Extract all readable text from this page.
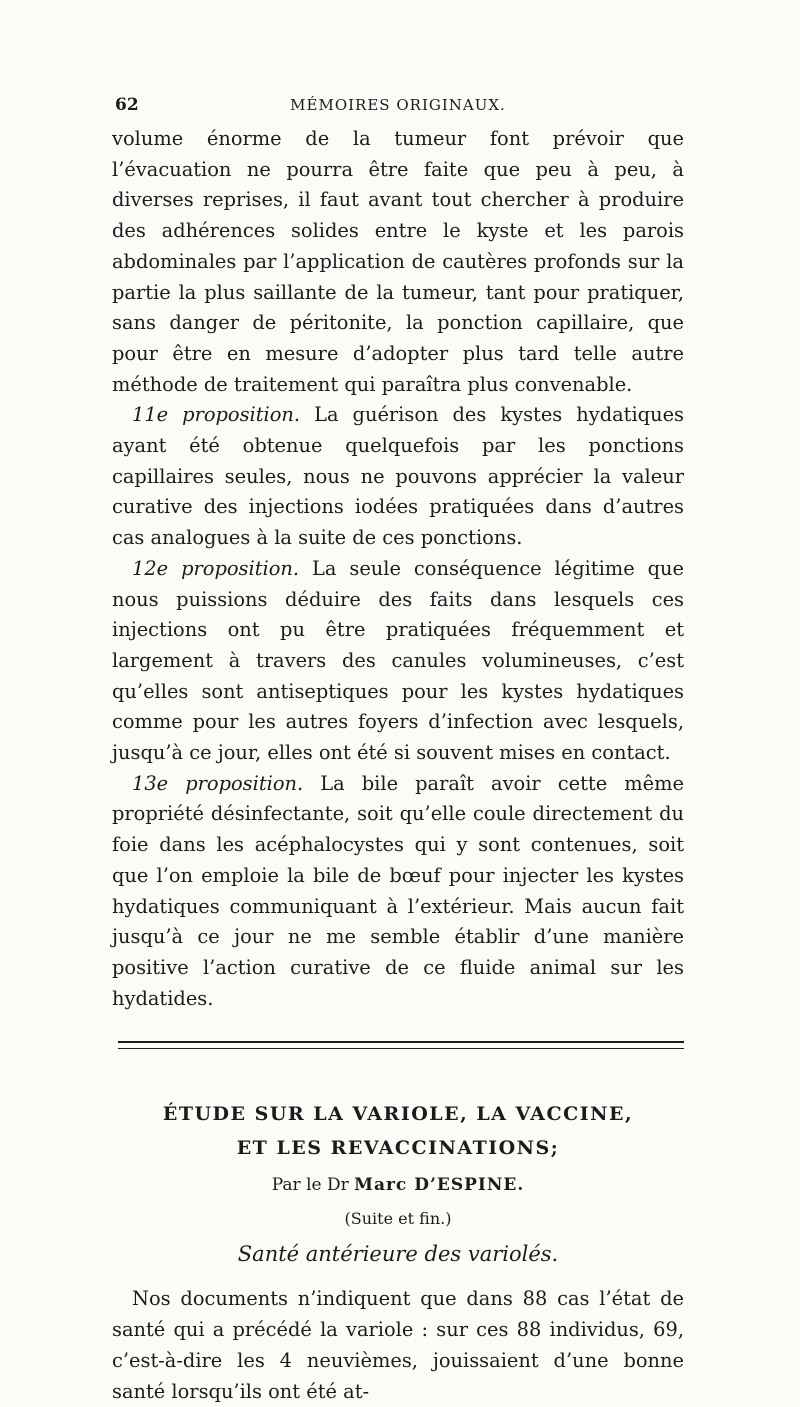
62	MÉMOIRES ORIGINAUX.

volume énorme de la tumeur font prévoir que l’évacuation ne pourra être faite que peu à peu, à diverses reprises, il faut avant tout chercher à produire des adhérences solides entre le kyste et les parois abdominales par l’application de cautères profonds sur la partie la plus saillante de la tumeur, tant pour pratiquer, sans danger de péritonite, la ponction capillaire, que pour être en mesure d’adopter plus tard telle autre méthode de traitement qui paraîtra plus convenable.

11e proposition. La guérison des kystes hydatiques ayant été obtenue quelquefois par les ponctions capillaires seules, nous ne pouvons apprécier la valeur curative des injections iodées pratiquées dans d’autres cas analogues à la suite de ces ponctions.

12e proposition. La seule conséquence légitime que nous puissions déduire des faits dans lesquels ces injections ont pu être pratiquées fréquemment et largement à travers des canules volumineuses, c’est qu’elles sont antiseptiques pour les kystes hydatiques comme pour les autres foyers d’infection avec lesquels, jusqu’à ce jour, elles ont été si souvent mises en contact.

13e proposition. La bile paraît avoir cette même propriété désinfectante, soit qu’elle coule directement du foie dans les acéphalocystes qui y sont contenues, soit que l’on emploie la bile de bœuf pour injecter les kystes hydatiques communiquant à l’extérieur. Mais aucun fait jusqu’à ce jour ne me semble établir d’une manière positive l’action curative de ce fluide animal sur les hydatides.

ÉTUDE SUR LA VARIOLE, LA VACCINE,
ET LES REVACCINATIONS;
Par le Dr Marc D’ESPINE.
(Suite et fin.)
Santé antérieure des variolés.

Nos documents n’indiquent que dans 88 cas l’état de santé qui a précédé la variole : sur ces 88 individus, 69, c’est-à-dire les 4 neuvièmes, jouissaient d’une bonne santé lorsqu’ils ont été at-
